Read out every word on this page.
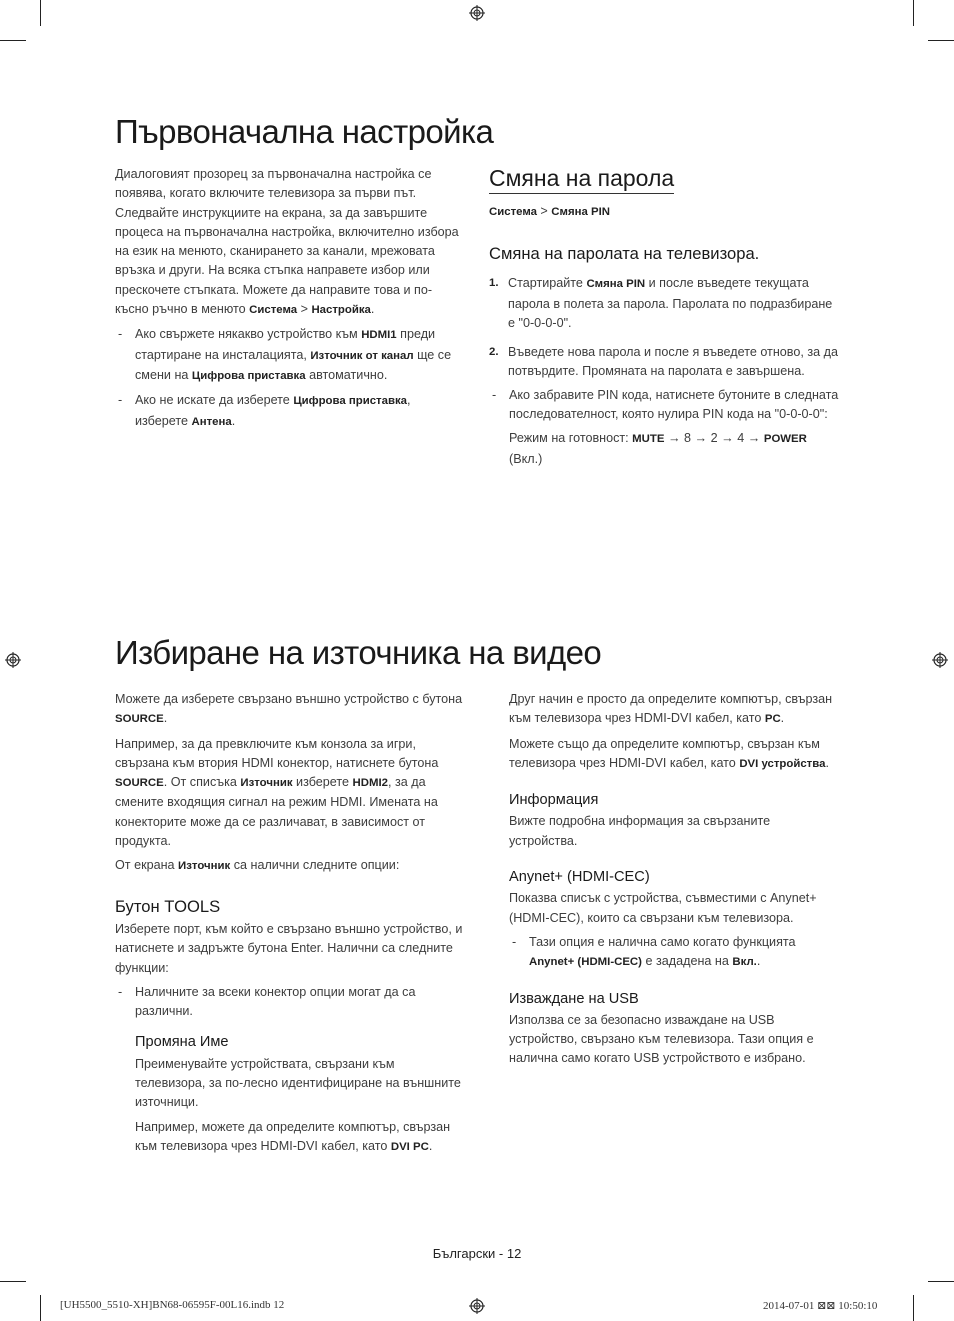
Първоначална настройка

Диалоговият прозорец за първоначална настройка се появява, когато включите телевизора за първи път. Следвайте инструкциите на екрана, за да завършите процеса на първоначална настройка, включително избора на език на менюто, сканирането за канали, мрежовата връзка и други. На всяка стъпка направете избор или прескочете стъпката. Можете да направите това и по-късно ръчно в менюто Система > Настройка.

- Ако свържете някакво устройство към HDMI1 преди стартиране на инсталацията, Източник от канал ще се смени на Цифрова приставка автоматично.
- Ако не искате да изберете Цифрова приставка, изберете Антена.
Смяна на парола

Система > Смяна PIN

Смяна на паролата на телевизора.
1. Стартирайте Смяна PIN и после въведете текущата парола в полета за парола. Паролата по подразбиране е "0-0-0-0".
2. Въведете нова парола и после я въведете отново, за да потвърдите. Промяната на паролата е завършена.
- Ако забравите PIN кода, натиснете бутоните в следната последователност, която нулира PIN кода на "0-0-0-0":
Режим на готовност: MUTE → 8 → 2 → 4 → POWER (Вкл.)
Избиране на източника на видео

Можете да изберете свързано външно устройство с бутона SOURCE.

Например, за да превключите към конзола за игри, свързана към втория HDMI конектор, натиснете бутона SOURCE. От списъка Източник изберете HDMI2, за да смените входящия сигнал на режим HDMI. Имената на конекторите може да се различават, в зависимост от продукта.

От екрана Източник са налични следните опции:

Бутон TOOLS

Изберете порт, към който е свързано външно устройство, и натиснете и задръжте бутона Enter. Налични са следните функции:

- Наличните за всеки конектор опции могат да са различни.
Промяна Име

Преименувайте устройствата, свързани към телевизора, за по-лесно идентифициране на външните източници.

Например, можете да определите компютър, свързан към телевизора чрез HDMI-DVI кабел, като DVI PC.

Друг начин е просто да определите компютър, свързан към телевизора чрез HDMI-DVI кабел, като PC.

Можете също да определите компютър, свързан към телевизора чрез HDMI-DVI кабел, като DVI устройства.

Информация

Вижте подробна информация за свързаните устройства.

Anynet+ (HDMI-CEC)

Показва списък с устройства, съвместими с Anynet+ (HDMI-CEC), които са свързани към телевизора.

- Тази опция е налична само когато функцията Anynet+ (HDMI-CEC) е зададена на Вкл..
Изваждане на USB

Използва се за безопасно изваждане на USB устройство, свързано към телевизора. Тази опция е налична само когато USB устройството е избрано.

Български - 12
[UH5500_5510-XH]BN68-06595F-00L16.indb 12	2014-07-01 ⊠⊠ 10:50:10
